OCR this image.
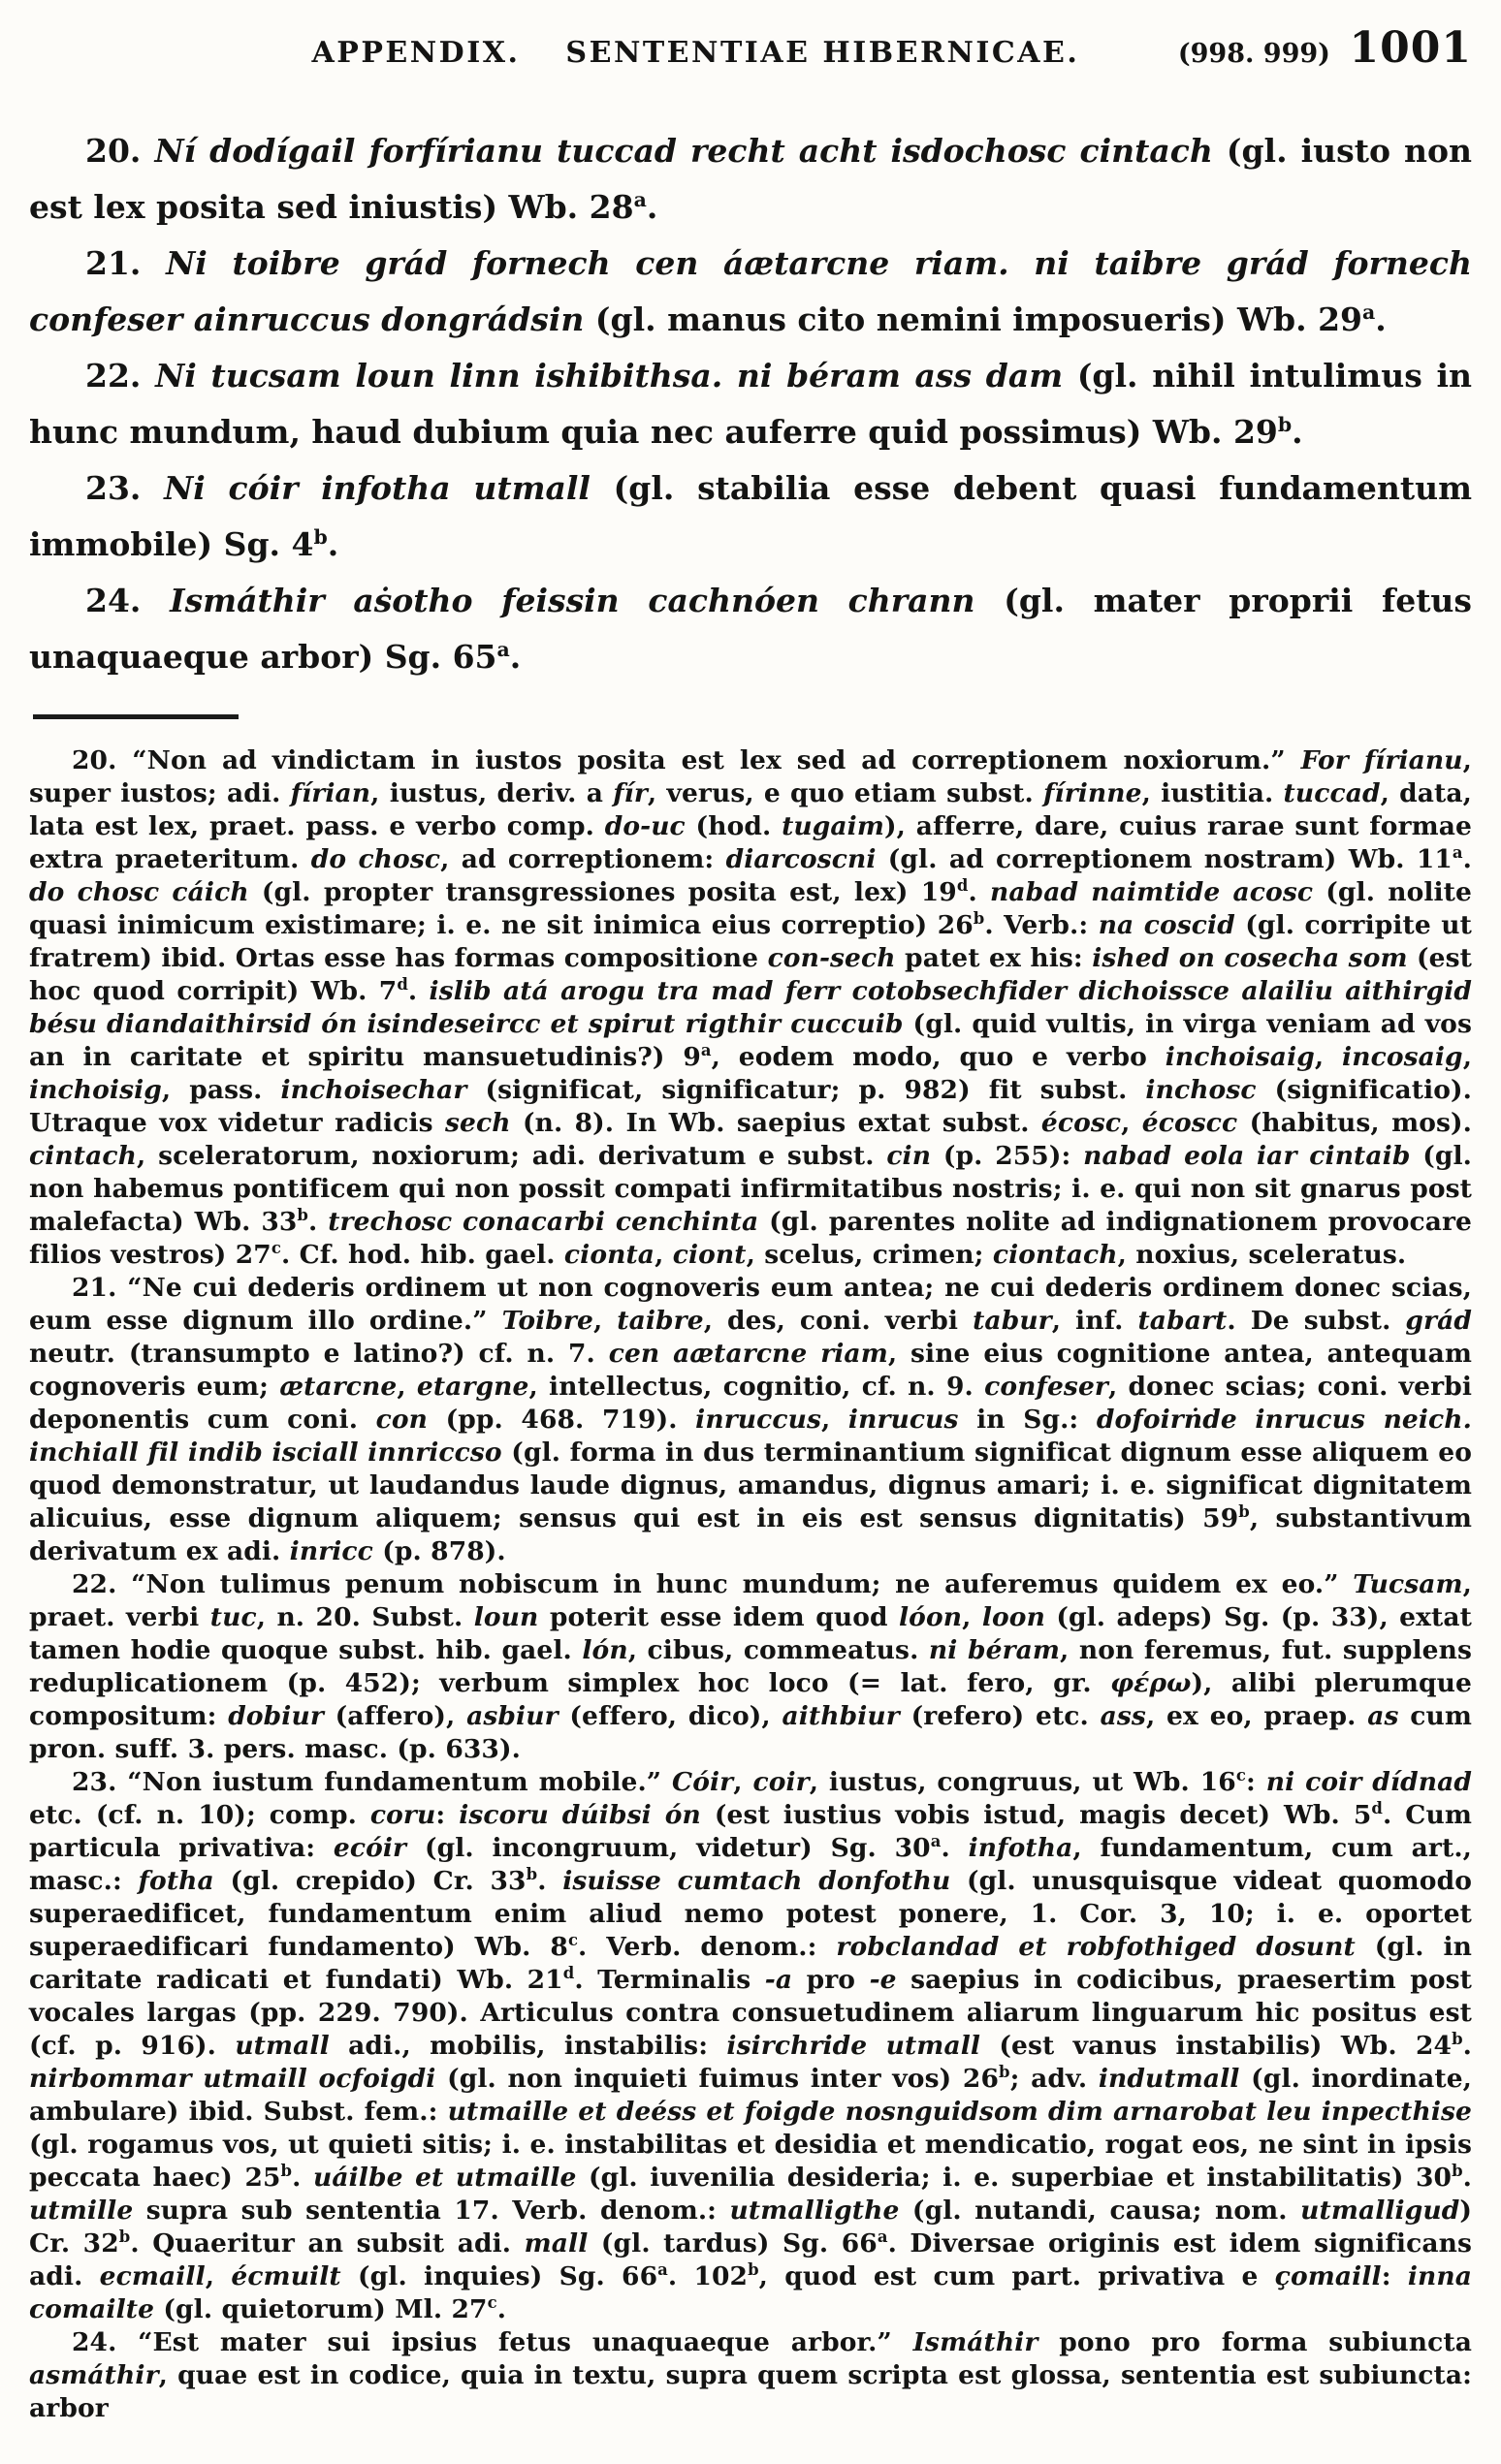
APPENDIX. SENTENTIAE HIBERNICAE.	(998. 999) 1001

20. Ní dodígail forfírianu tuccad recht acht isdochosc cintach (gl. iusto non est lex posita sed iniustis) Wb. 28$^a$.

21. Ni toibre grád fornech cen áætarcne riam. ni taibre grád fornech confeser ainruccus dongrádsin (gl. manus cito nemini imposueris) Wb. 29$^a$.

22. Ni tucsam loun linn ishibithsa. ni béram ass dam (gl. nihil intulimus in hunc mundum, haud dubium quia nec auferre quid possimus) Wb. 29$^b$.

23. Ni cóir infotha utmall (gl. stabilia esse debent quasi fundamentum immobile) Sg. 4$^b$.

24. Ismáthir aṡotho feissin cachnóen chrann (gl. mater proprii fetus unaquaeque arbor) Sg. 65$^a$.

20. “Non ad vindictam in iustos posita est lex sed ad correptionem noxiorum.” For fírianu, super iustos; adi. fírian, iustus, deriv. a fír, verus, e quo etiam subst. fírinne, iustitia. tuccad, data, lata est lex, praet. pass. e verbo comp. do-uc (hod. tugaim), afferre, dare, cuius rarae sunt formae extra praeteritum. do chosc, ad correptionem: diarcoscni (gl. ad correptionem nostram) Wb. 11$^a$. do chosc cáich (gl. propter transgressiones posita est, lex) 19$^d$. nabad naimtide acosc (gl. nolite quasi inimicum existimare; i. e. ne sit inimica eius correptio) 26$^b$. Verb.: na coscid (gl. corripite ut fratrem) ibid. Ortas esse has formas compositione con-sech patet ex his: ished on cosecha som (est hoc quod corripit) Wb. 7$^d$. islib atá arogu tra mad ferr cotobsechfider dichoissce alailiu aithirgid bésu diandaithirsid ón isindeseircc et spirut rigthir cuccuib (gl. quid vultis, in virga veniam ad vos an in caritate et spiritu mansuetudinis?) 9$^a$, eodem modo, quo e verbo inchoisaig, incosaig, inchoisig, pass. inchoisechar (significat, significatur; p. 982) fit subst. inchosc (significatio). Utraque vox videtur radicis sech (n. 8). In Wb. saepius extat subst. écosc, écoscc (habitus, mos). cintach, sceleratorum, noxiorum; adi. derivatum e subst. cin (p. 255): nabad eola iar cintaib (gl. non habemus pontificem qui non possit compati infirmitatibus nostris; i. e. qui non sit gnarus post malefacta) Wb. 33$^b$. trechosc conacarbi cenchinta (gl. parentes nolite ad indignationem provocare filios vestros) 27$^c$. Cf. hod. hib. gael. cionta, ciont, scelus, crimen; ciontach, noxius, sceleratus.

21. “Ne cui dederis ordinem ut non cognoveris eum antea; ne cui dederis ordinem donec scias, eum esse dignum illo ordine.” Toibre, taibre, des, coni. verbi tabur, inf. tabart. De subst. grád neutr. (transumpto e latino?) cf. n. 7. cen aætarcne riam, sine eius cognitione antea, antequam cognoveris eum; ætarcne, etargne, intellectus, cognitio, cf. n. 9. confeser, donec scias; coni. verbi deponentis cum coni. con (pp. 468. 719). inruccus, inrucus in Sg.: dofoirṅde inrucus neich. inchiall fil indib isciall innriccso (gl. forma in dus terminantium significat dignum esse aliquem eo quod demonstratur, ut laudandus laude dignus, amandus, dignus amari; i. e. significat dignitatem alicuius, esse dignum aliquem; sensus qui est in eis est sensus dignitatis) 59$^b$, substantivum derivatum ex adi. inricc (p. 878).

22. “Non tulimus penum nobiscum in hunc mundum; ne auferemus quidem ex eo.” Tucsam, praet. verbi tuc, n. 20. Subst. loun poterit esse idem quod lóon, loon (gl. adeps) Sg. (p. 33), extat tamen hodie quoque subst. hib. gael. lón, cibus, commeatus. ni béram, non feremus, fut. supplens reduplicationem (p. 452); verbum simplex hoc loco (= lat. fero, gr. φέρω), alibi plerumque compositum: dobiur (affero), asbiur (effero, dico), aithbiur (refero) etc. ass, ex eo, praep. as cum pron. suff. 3. pers. masc. (p. 633).

23. “Non iustum fundamentum mobile.” Cóir, coir, iustus, congruus, ut Wb. 16$^c$: ni coir dídnad etc. (cf. n. 10); comp. coru: iscoru dúibsi ón (est iustius vobis istud, magis decet) Wb. 5$^d$. Cum particula privativa: ecóir (gl. incongruum, videtur) Sg. 30$^a$. infotha, fundamentum, cum art., masc.: fotha (gl. crepido) Cr. 33$^b$. isuisse cumtach donfothu (gl. unusquisque videat quomodo superaedificet, fundamentum enim aliud nemo potest ponere, 1. Cor. 3, 10; i. e. oportet superaedificari fundamento) Wb. 8$^c$. Verb. denom.: robclandad et robfothiged dosunt (gl. in caritate radicati et fundati) Wb. 21$^d$. Terminalis -a pro -e saepius in codicibus, praesertim post vocales largas (pp. 229. 790). Articulus contra consuetudinem aliarum linguarum hic positus est (cf. p. 916). utmall adi., mobilis, instabilis: isirchride utmall (est vanus instabilis) Wb. 24$^b$. nirbommar utmaill ocfoigdi (gl. non inquieti fuimus inter vos) 26$^b$; adv. indutmall (gl. inordinate, ambulare) ibid. Subst. fem.: utmaille et deéss et foigde nosnguidsom dim arnarobat leu inpecthise (gl. rogamus vos, ut quieti sitis; i. e. instabilitas et desidia et mendicatio, rogat eos, ne sint in ipsis peccata haec) 25$^b$. uáilbe et utmaille (gl. iuvenilia desideria; i. e. superbiae et instabilitatis) 30$^b$. utmille supra sub sententia 17. Verb. denom.: utmalligthe (gl. nutandi, causa; nom. utmalligud) Cr. 32$^b$. Quaeritur an subsit adi. mall (gl. tardus) Sg. 66$^a$. Diversae originis est idem significans adi. ecmaill, écmuilt (gl. inquies) Sg. 66$^a$. 102$^b$, quod est cum part. privativa e çomaill: inna comailte (gl. quietorum) Ml. 27$^c$.

24. “Est mater sui ipsius fetus unaquaeque arbor.” Ismáthir pono pro forma subiuncta asmáthir, quae est in codice, quia in textu, supra quem scripta est glossa, sententia est subiuncta: arbor
